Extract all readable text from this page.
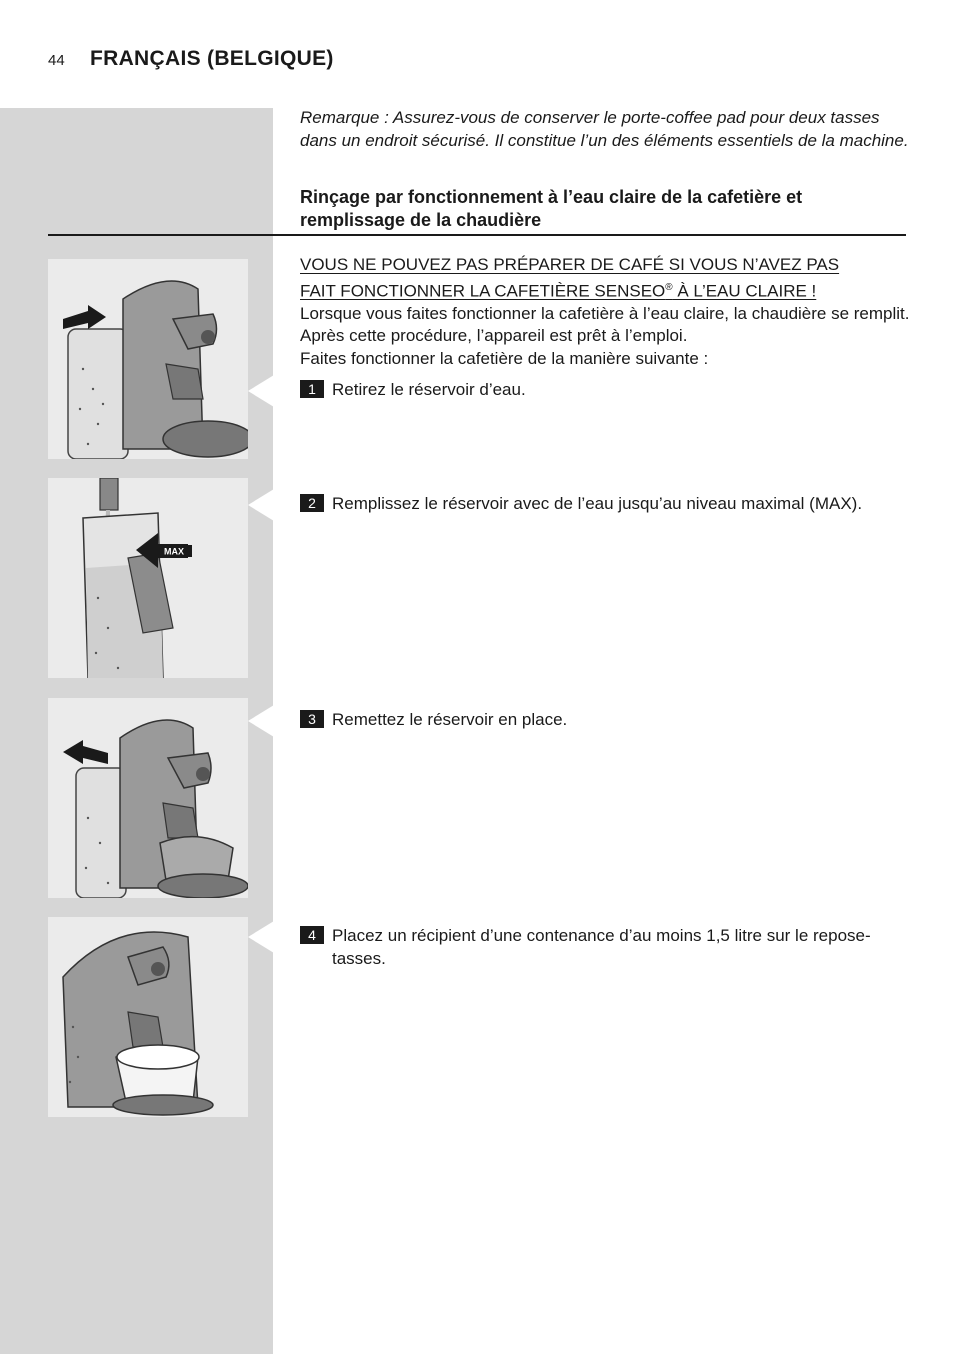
44 FRANÇAIS (BELGIQUE)
Remarque : Assurez-vous de conserver le porte-coffee pad pour deux tasses dans un endroit sécurisé. Il constitue l’un des éléments essentiels de la machine.
Rinçage par fonctionnement à l’eau claire de la cafetière et remplissage de la chaudière
VOUS NE POUVEZ PAS PRÉPARER DE CAFÉ SI VOUS N’AVEZ PAS
FAIT FONCTIONNER LA CAFETIÈRE SENSEO® À L’EAU CLAIRE !
Lorsque vous faites fonctionner la cafetière à l’eau claire, la chaudière se remplit. Après cette procédure, l’appareil est prêt à l’emploi.
Faites fonctionner la cafetière de la manière suivante :
1 Retirez le réservoir d’eau.
2 Remplissez le réservoir avec de l’eau jusqu’au niveau maximal (MAX).
3 Remettez le réservoir en place.
4 Placez un récipient d’une contenance d’au moins 1,5 litre sur le repose-tasses.
MAX
